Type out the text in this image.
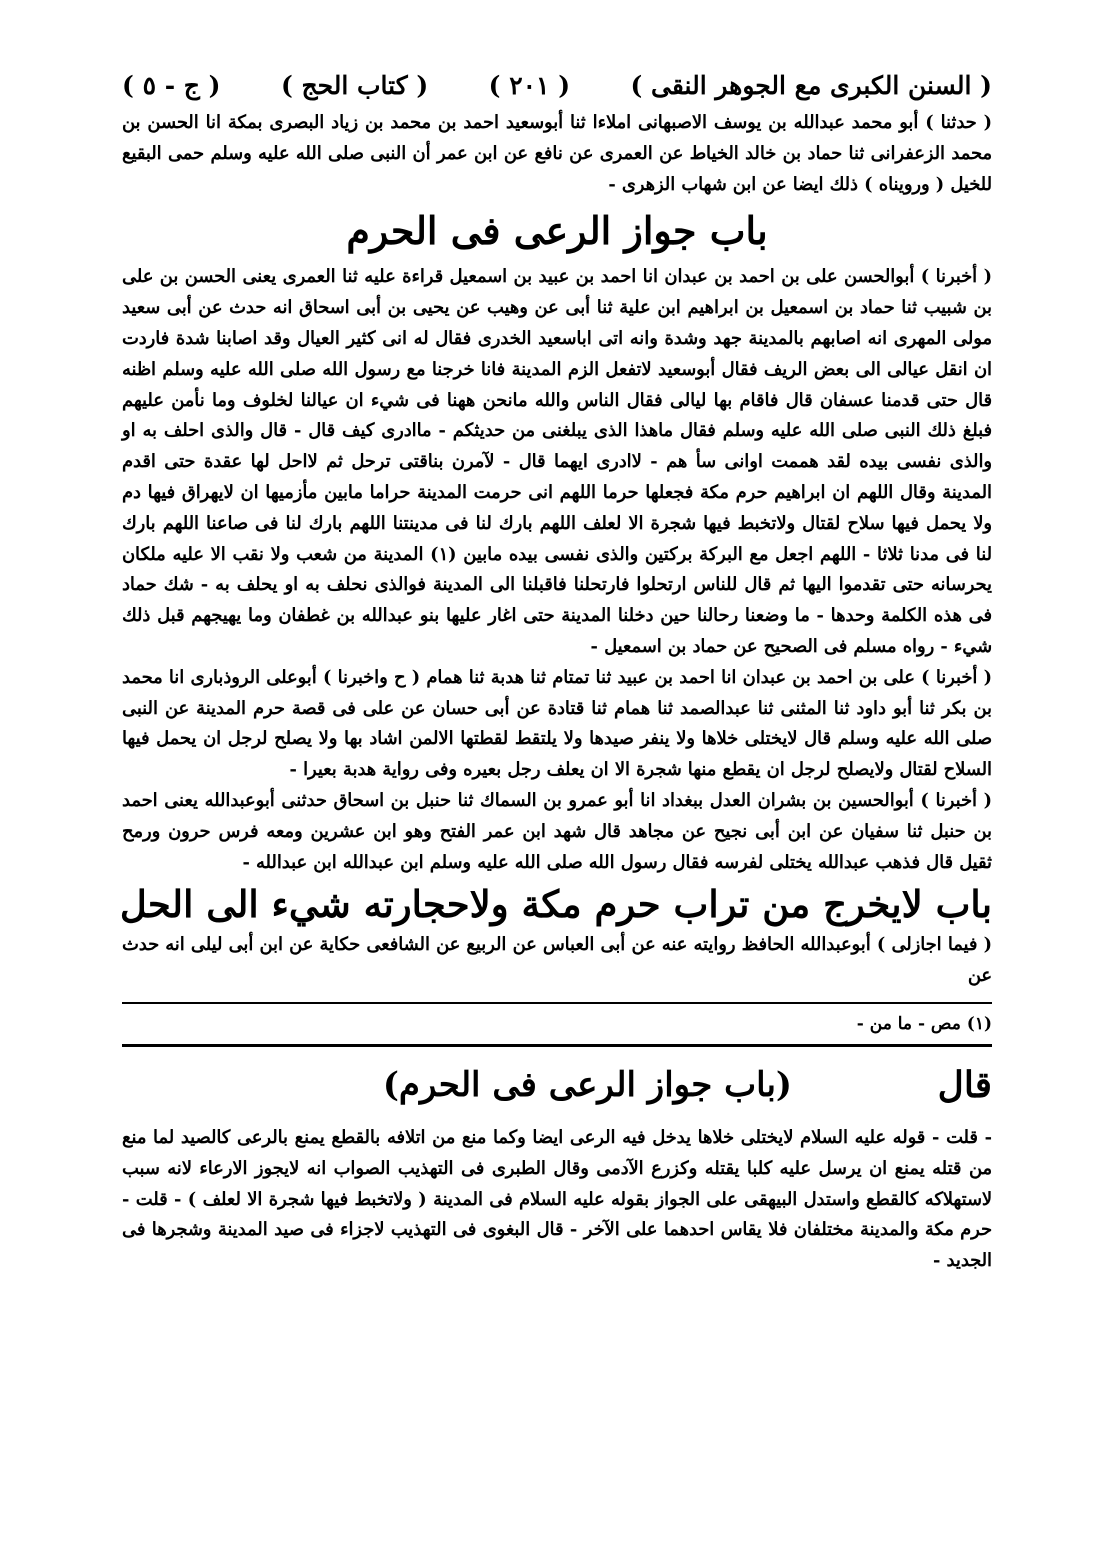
( السنن الكبرى مع الجوهر النقى )
( ٢٠١ )
( كتاب الحج )
( ج - ٥ )

( حدثنا ) أبو محمد عبدالله بن يوسف الاصبهانى املاءا ثنا أبوسعيد احمد بن محمد بن زياد البصرى بمكة انا الحسن بن محمد الزعفرانى ثنا حماد بن خالد الخياط عن العمرى عن نافع عن ابن عمر أن النبى صلى الله عليه وسلم حمى البقيع للخيل ( ورويناه ) ذلك ايضا عن ابن شهاب الزهرى -

باب جواز الرعى فى الحرم

( أخبرنا ) أبوالحسن على بن احمد بن عبدان انا احمد بن عبيد بن اسمعيل قراءة عليه ثنا العمرى يعنى الحسن بن على بن شبيب ثنا حماد بن اسمعيل بن ابراهيم ابن علية ثنا أبى عن وهيب عن يحيى بن أبى اسحاق انه حدث عن أبى سعيد مولى المهرى انه اصابهم بالمدينة جهد وشدة وانه اتى اباسعيد الخدرى فقال له انى كثير العيال وقد اصابنا شدة فاردت ان انقل عيالى الى بعض الريف فقال أبوسعيد لاتفعل الزم المدينة فانا خرجنا مع رسول الله صلى الله عليه وسلم اظنه قال حتى قدمنا عسفان قال فاقام بها ليالى فقال الناس والله مانحن ههنا فى شيء ان عيالنا لخلوف وما نأمن عليهم فبلغ ذلك النبى صلى الله عليه وسلم فقال ماهذا الذى يبلغنى من حديثكم - ماادرى كيف قال - قال والذى احلف به او والذى نفسى بيده لقد هممت اوانى سأ هم - لاادرى ايهما قال - لآمرن بناقتى ترحل ثم لااحل لها عقدة حتى اقدم المدينة وقال اللهم ان ابراهيم حرم مكة فجعلها حرما اللهم انى حرمت المدينة حراما مابين مأزميها ان لايهراق فيها دم ولا يحمل فيها سلاح لقتال ولاتخبط فيها شجرة الا لعلف اللهم بارك لنا فى مدينتنا اللهم بارك لنا فى صاعنا اللهم بارك لنا فى مدنا ثلاثا - اللهم اجعل مع البركة بركتين والذى نفسى بيده مابين (١) المدينة من شعب ولا نقب الا عليه ملكان يحرسانه حتى تقدموا اليها ثم قال للناس ارتحلوا فارتحلنا فاقبلنا الى المدينة فوالذى نحلف به او يحلف به - شك حماد فى هذه الكلمة وحدها - ما وضعنا رحالنا حين دخلنا المدينة حتى اغار عليها بنو عبدالله بن غطفان وما يهيجهم قبل ذلك شيء - رواه مسلم فى الصحيح عن حماد بن اسمعيل -

( أخبرنا ) على بن احمد بن عبدان انا احمد بن عبيد ثنا تمتام ثنا هدبة ثنا همام ( ح واخبرنا ) أبوعلى الروذبارى انا محمد بن بكر ثنا أبو داود ثنا المثنى ثنا عبدالصمد ثنا همام ثنا قتادة عن أبى حسان عن على فى قصة حرم المدينة عن النبى صلى الله عليه وسلم قال لايختلى خلاها ولا ينفر صيدها ولا يلتقط لقطتها الالمن اشاد بها ولا يصلح لرجل ان يحمل فيها السلاح لقتال ولايصلح لرجل ان يقطع منها شجرة الا ان يعلف رجل بعيره وفى رواية هدبة بعيرا -

( أخبرنا ) أبوالحسين بن بشران العدل ببغداد انا أبو عمرو بن السماك ثنا حنبل بن اسحاق حدثنى أبوعبدالله يعنى احمد بن حنبل ثنا سفيان عن ابن أبى نجيح عن مجاهد قال شهد ابن عمر الفتح وهو ابن عشرين ومعه فرس حرون ورمح ثقيل قال فذهب عبدالله يختلى لفرسه فقال رسول الله صلى الله عليه وسلم ابن عبدالله ابن عبدالله -

باب لايخرج من تراب حرم مكة ولاحجارته شيء الى الحل

( فيما اجازلى ) أبوعبدالله الحافظ روايته عنه عن أبى العباس عن الربيع عن الشافعى حكاية عن ابن أبى ليلى انه حدث عن

(١) مص - ما من -
قال
(باب جواز الرعى فى الحرم)

- قلت - قوله عليه السلام لايختلى خلاها يدخل فيه الرعى ايضا وكما منع من اتلافه بالقطع يمنع بالرعى كالصيد لما منع من قتله يمنع ان يرسل عليه كلبا يقتله وكزرع الآدمى وقال الطبرى فى التهذيب الصواب انه لايجوز الارعاء لانه سبب لاستهلاكه كالقطع واستدل البيهقى على الجواز بقوله عليه السلام فى المدينة ( ولاتخبط فيها شجرة الا لعلف ) - قلت - حرم مكة والمدينة مختلفان فلا يقاس احدهما على الآخر - قال البغوى فى التهذيب لاجزاء فى صيد المدينة وشجرها فى الجديد -
